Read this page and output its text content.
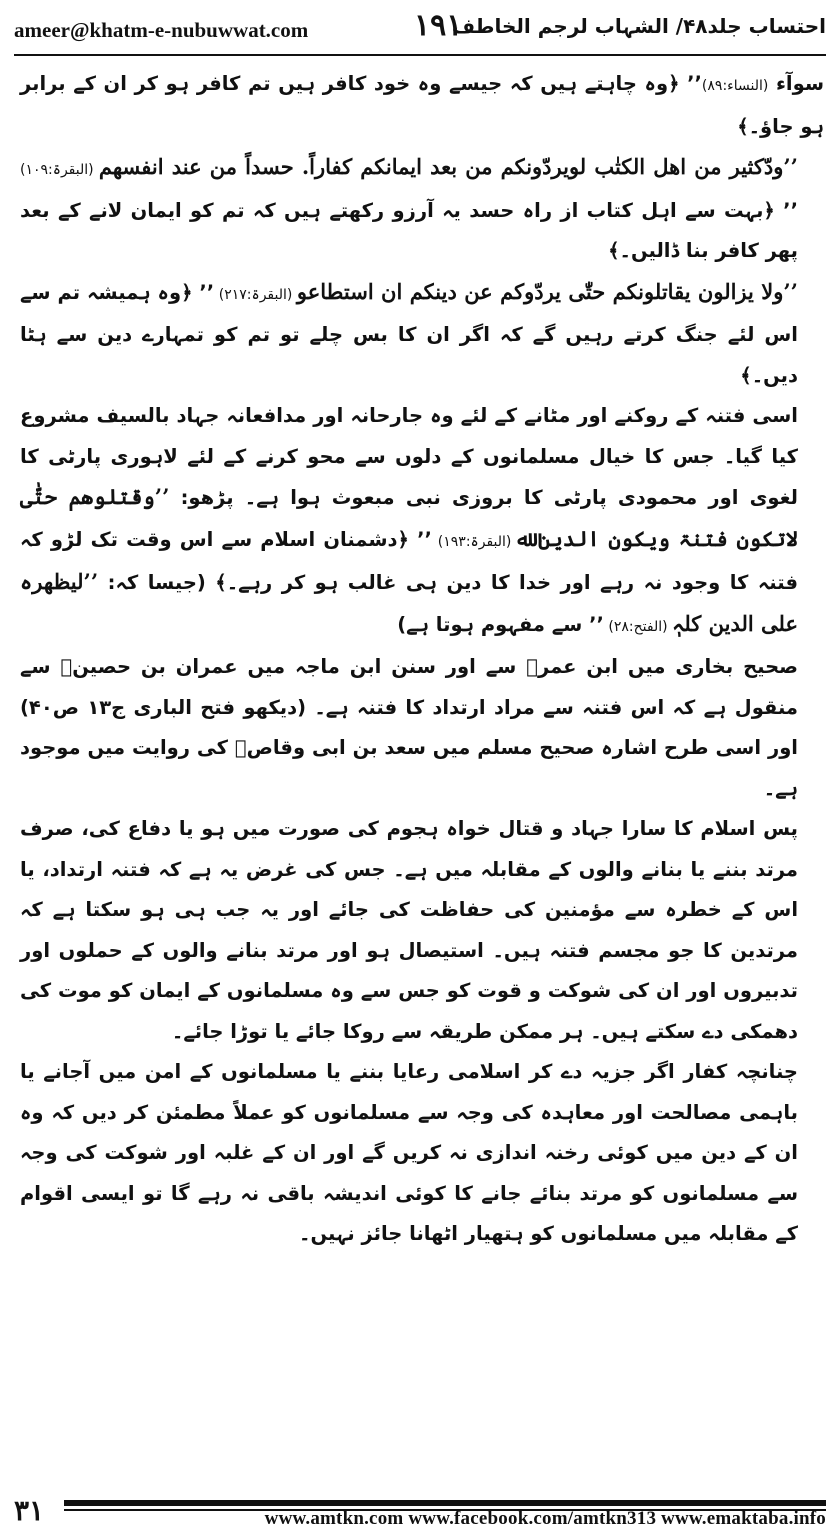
ameer@khatm-e-nubuwwat.com	۱۹۱
احتساب جلد۴۸/ الشہاب لرجم الخاطف

سوآء (النساء:۸۹)’’ ﴿وہ چاہتے ہیں کہ جیسے وہ خود کافر ہیں تم کافر ہو کر ان کے برابر ہو جاؤ۔﴾

’’ودّکثیر من اھل الکتٰب لویردّونکم من بعد ایمانکم کفاراً. حسداً من عند انفسھم (البقرۃ:۱۰۹) ’’ ﴿بہت سے اہل کتاب از راہ حسد یہ آرزو رکھتے ہیں کہ تم کو ایمان لانے کے بعد پھر کافر بنا ڈالیں۔﴾

’’ولا یزالون یقاتلونکم حتّٰی یردّوکم عن دینکم ان استطاعو (البقرۃ:۲۱۷) ’’ ﴿وہ ہمیشہ تم سے اس لئے جنگ کرتے رہیں گے کہ اگر ان کا بس چلے تو تم کو تمہارے دین سے ہٹا دیں۔﴾

اسی فتنہ کے روکنے اور مٹانے کے لئے وہ جارحانہ اور مدافعانہ جہاد بالسیف مشروع کیا گیا۔ جس کا خیال مسلمانوں کے دلوں سے محو کرنے کے لئے لاہوری پارٹی کا لغوی اور محمودی پارٹی کا بروزی نبی مبعوث ہوا ہے۔ پڑھو: ’’وقٰتلوھم حتّٰی لاتکون فتنۃ ویکون الدین ﷲ (البقرۃ:۱۹۳) ’’ ﴿دشمنان اسلام سے اس وقت تک لڑو کہ فتنہ کا وجود نہ رہے اور خدا کا دین ہی غالب ہو کر رہے۔﴾ (جیسا کہ: ’’لیظھرہ علی الدین کلہٖ (الفتح:۲۸) ’’ سے مفہوم ہوتا ہے)

صحیح بخاری میں ابن عمرؓ سے اور سنن ابن ماجہ میں عمران بن حصینؓ سے منقول ہے کہ اس فتنہ سے مراد ارتداد کا فتنہ ہے۔ (دیکھو فتح الباری ج۱۳ ص۴۰) اور اسی طرح اشارہ صحیح مسلم میں سعد بن ابی وقاصؓ کی روایت میں موجود ہے۔

پس اسلام کا سارا جہاد و قتال خواہ ہجوم کی صورت میں ہو یا دفاع کی، صرف مرتد بننے یا بنانے والوں کے مقابلہ میں ہے۔ جس کی غرض یہ ہے کہ فتنہ ارتداد، یا اس کے خطرہ سے مؤمنین کی حفاظت کی جائے اور یہ جب ہی ہو سکتا ہے کہ مرتدین کا جو مجسم فتنہ ہیں۔ استیصال ہو اور مرتد بنانے والوں کے حملوں اور تدبیروں اور ان کی شوکت و قوت کو جس سے وہ مسلمانوں کے ایمان کو موت کی دھمکی دے سکتے ہیں۔ ہر ممکن طریقہ سے روکا جائے یا توڑا جائے۔

چنانچہ کفار اگر جزیہ دے کر اسلامی رعایا بننے یا مسلمانوں کے امن میں آجانے یا باہمی مصالحت اور معاہدہ کی وجہ سے مسلمانوں کو عملاً مطمئن کر دیں کہ وہ ان کے دین میں کوئی رخنہ اندازی نہ کریں گے اور ان کے غلبہ اور شوکت کی وجہ سے مسلمانوں کو مرتد بنائے جانے کا کوئی اندیشہ باقی نہ رہے گا تو ایسی اقوام کے مقابلہ میں مسلمانوں کو ہتھیار اٹھانا جائز نہیں۔

۳۱	www.amtkn.com www.facebook.com/amtkn313 www.emaktaba.info
